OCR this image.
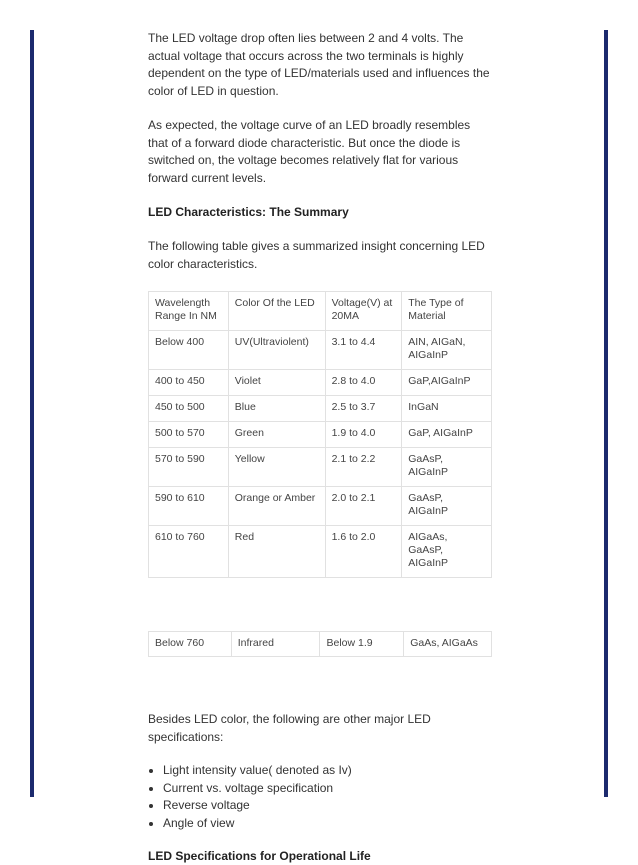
The LED voltage drop often lies between 2 and 4 volts. The actual voltage that occurs across the two terminals is highly dependent on the type of LED/materials used and influences the color of LED in question.

As expected, the voltage curve of an LED broadly resembles that of a forward diode characteristic. But once the diode is switched on, the voltage becomes relatively flat for various forward current levels.

LED Characteristics: The Summary

The following table gives a summarized insight concerning LED color characteristics.

Wavelength Range In NM	Color Of the LED	Voltage(V) at 20MA	The Type of Material
Below 400	UV(Ultraviolent)	3.1 to 4.4	AIN, AIGaN, AIGaInP
400 to 450	Violet	2.8 to 4.0	GaP,AIGaInP
450 to 500	Blue	2.5 to 3.7	InGaN
500 to 570	Green	1.9 to 4.0	GaP, AIGaInP
570 to 590	Yellow	2.1 to 2.2	GaAsP, AIGaInP
590 to 610	Orange or Amber	2.0 to 2.1	GaAsP, AIGaInP
610 to 760	Red	1.6 to 2.0	AIGaAs, GaAsP, AIGaInP
Below 760	Infrared	Below 1.9	GaAs, AIGaAs

Besides LED color, the following are other major LED specifications:

• Light intensity value( denoted as Iv)
• Current vs. voltage specification
• Reverse voltage
• Angle of view
LED Specifications for Operational Life
